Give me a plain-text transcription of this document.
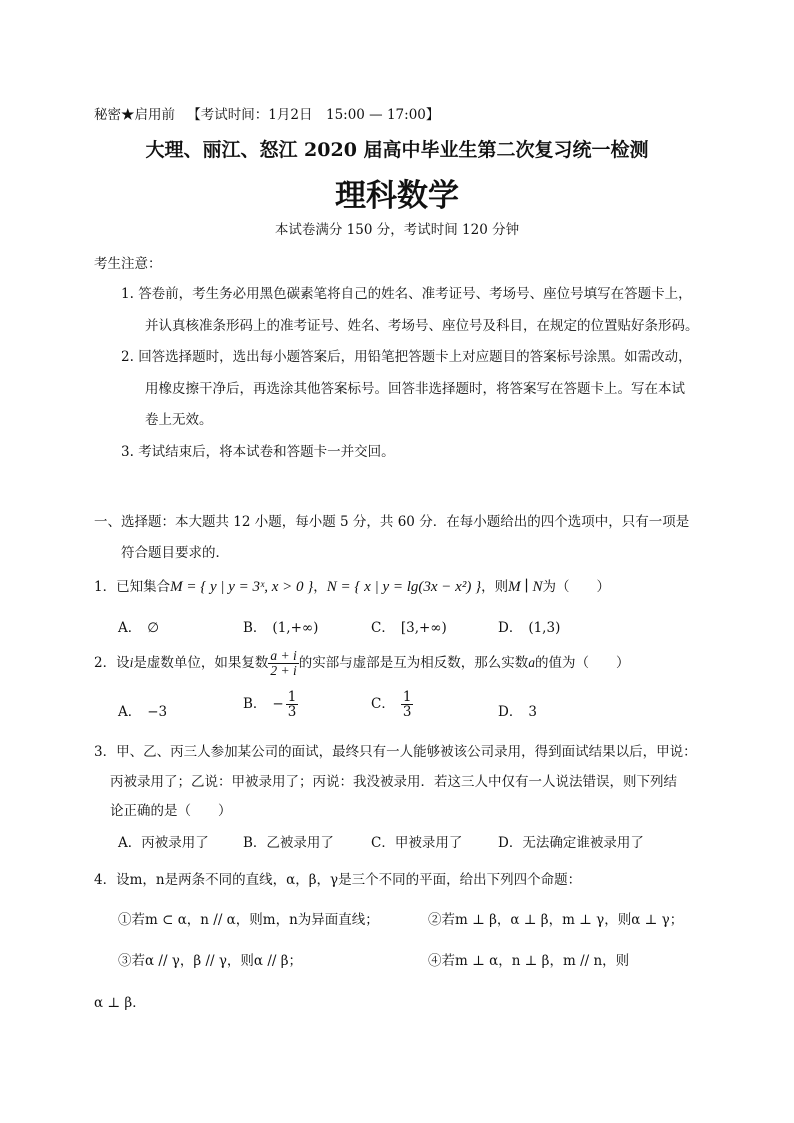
秘密★启用前 【考试时间：1月2日　15:00 — 17:00】
大理、丽江、怒江 2020 届高中毕业生第二次复习统一检测
理科数学
本试卷满分 150 分，考试时间 120 分钟
考生注意：
1. 答卷前，考生务必用黑色碳素笔将自己的姓名、准考证号、考场号、座位号填写在答题卡上，
并认真核准条形码上的准考证号、姓名、考场号、座位号及科目，在规定的位置贴好条形码。
2. 回答选择题时，选出每小题答案后，用铅笔把答题卡上对应题目的答案标号涂黑。如需改动，
用橡皮擦干净后，再选涂其他答案标号。回答非选择题时，将答案写在答题卡上。写在本试
卷上无效。
3. 考试结束后，将本试卷和答题卡一并交回。
一、选择题：本大题共 12 小题，每小题 5 分，共 60 分．在每小题给出的四个选项中，只有一项是
符合题目要求的．
1．已知集合M = { y | y = 3ˣ, x > 0 }，N = { x | y = lg(3x − x²) }，则M ∣ N为（　　）
A． ∅	B． (1,+∞)	C． [3,+∞)	D． (1,3)
2．设i是虚数单位，如果复数 $\frac{a + i}{2 + i}$ 的实部与虚部是互为相反数，那么实数a的值为（　　）
A． −3	B． − $\frac{1}{3}$	C． $\frac{1}{3}$	D． 3
3．甲、乙、丙三人参加某公司的面试，最终只有一人能够被该公司录用，得到面试结果以后，甲说：
丙被录用了；乙说：甲被录用了；丙说：我没被录用．若这三人中仅有一人说法错误，则下列结
论正确的是（　　）
A．丙被录用了	B．乙被录用了	C．甲被录用了	D．无法确定谁被录用了
4．设m，n是两条不同的直线，α，β，γ是三个不同的平面，给出下列四个命题：
①若m ⊂ α，n // α，则m，n为异面直线；	②若m ⊥ β，α ⊥ β，m ⊥ γ，则α ⊥ γ；
③若α // γ，β // γ，则α // β；	④若m ⊥ α，n ⊥ β，m // n，则
α ⊥ β．
